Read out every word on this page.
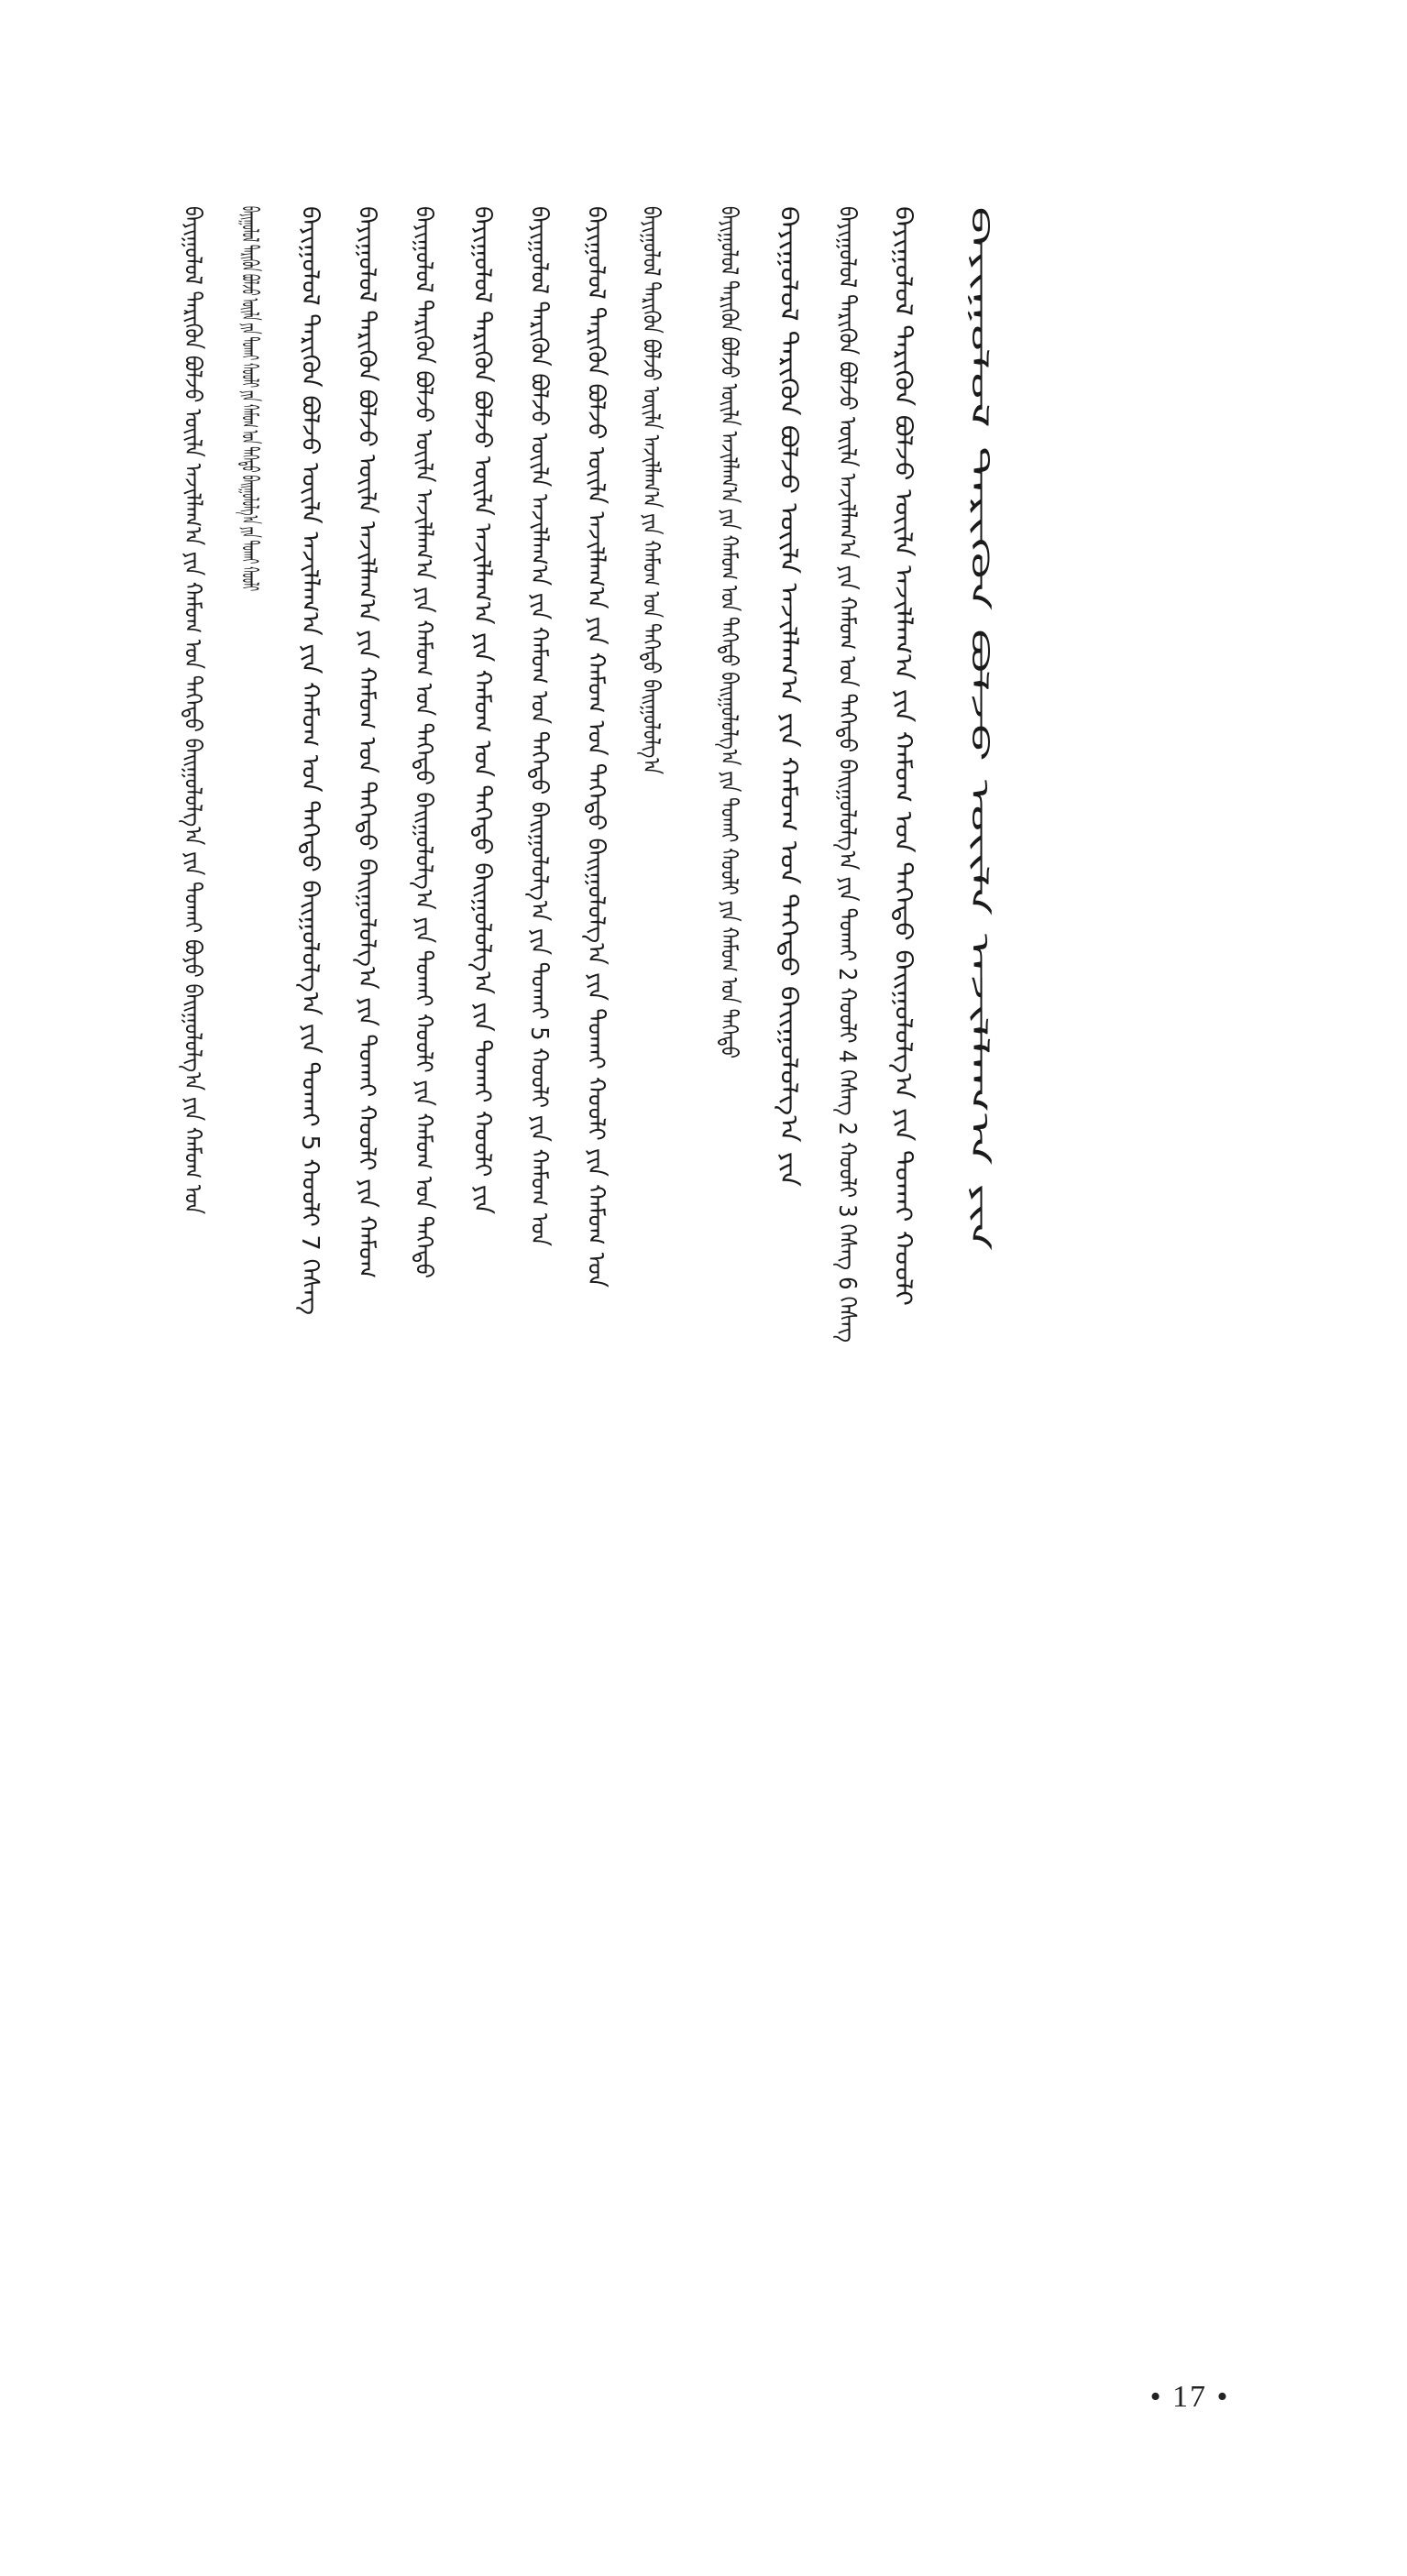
ᠪᠠᠶᠢᠭᠤᠯᠤᠯ ᠲᠡᠷᠢᠭᠦᠨ ᠪᠣᠯᠵᠤ ᠦᠢᠯᠡ ᠠᠵᠢᠯᠯᠠᠭ᠎ᠠ ᠶᠢᠨ ᠬᠠᠮᠤᠭ ᠤᠨ ᠳᠡᠭᠡᠳᠦ ᠪᠠᠢᠭᠤᠯᠤᠯᠭ᠎ᠠ ᠶᠢᠨ ᠲᠤᠬᠠᠢ ᠪᠤᠶᠤ ᠪᠠᠢᠭᠤᠯᠤᠯᠭ᠎ᠠ ᠶᠢᠨ ᠬᠠᠮᠤᠭ ᠤᠨ ᠪᠠᠶᠢᠭᠤᠯᠤᠯ ᠲᠡᠷᠢᠭᠦᠨ ᠪᠣᠯᠵᠤ ᠦᠢᠯᠡ ᠶᠢᠨ ᠲᠤᠬᠠᠢ ᠬᠤᠤᠯᠢ ᠶᠢᠨ ᠬᠠᠮᠤᠭ ᠤᠨ ᠳᠡᠭᠡᠳᠦ ᠪᠠᠢᠭᠤᠯᠤᠯᠭ᠎ᠠ ᠶᠢᠨ ᠲᠤᠬᠠᠢ ᠬᠤᠤᠯᠢ ᠪᠠᠶᠢᠭᠤᠯᠤᠯ ᠲᠡᠷᠢᠭᠦᠨ ᠪᠣᠯᠵᠤ ᠦᠢᠯᠡ ᠠᠵᠢᠯᠯᠠᠭ᠎ᠠ ᠶᠢᠨ ᠬᠠᠮᠤᠭ ᠤᠨ ᠳᠡᠭᠡᠳᠦ ᠪᠠᠢᠭᠤᠯᠤᠯᠭ᠎ᠠ ᠶᠢᠨ ᠲᠤᠬᠠᠢ 5 ᠬᠤᠤᠯᠢ 7 ᠬᠡᠰᠡᠭ ᠪᠠᠶᠢᠭᠤᠯᠤᠯ ᠲᠡᠷᠢᠭᠦᠨ ᠪᠣᠯᠵᠤ ᠦᠢᠯᠡ ᠠᠵᠢᠯᠯᠠᠭ᠎ᠠ ᠶᠢᠨ ᠬᠠᠮᠤᠭ ᠤᠨ ᠳᠡᠭᠡᠳᠦ ᠪᠠᠢᠭᠤᠯᠤᠯᠭ᠎ᠠ ᠶᠢᠨ ᠲᠤᠬᠠᠢ ᠬᠤᠤᠯᠢ ᠶᠢᠨ ᠬᠠᠮᠤᠭ ᠪᠠᠶᠢᠭᠤᠯᠤᠯ ᠲᠡᠷᠢᠭᠦᠨ ᠪᠣᠯᠵᠤ ᠦᠢᠯᠡ ᠠᠵᠢᠯᠯᠠᠭ᠎ᠠ ᠶᠢᠨ ᠬᠠᠮᠤᠭ ᠤᠨ ᠳᠡᠭᠡᠳᠦ ᠪᠠᠢᠭᠤᠯᠤᠯᠭ᠎ᠠ ᠶᠢᠨ ᠲᠤᠬᠠᠢ ᠬᠤᠤᠯᠢ ᠶᠢᠨ ᠬᠠᠮᠤᠭ ᠤᠨ ᠳᠡᠭᠡᠳᠦ ᠪᠠᠶᠢᠭᠤᠯᠤᠯ ᠲᠡᠷᠢᠭᠦᠨ ᠪᠣᠯᠵᠤ ᠦᠢᠯᠡ ᠠᠵᠢᠯᠯᠠᠭ᠎ᠠ ᠶᠢᠨ ᠬᠠᠮᠤᠭ ᠤᠨ ᠳᠡᠭᠡᠳᠦ ᠪᠠᠢᠭᠤᠯᠤᠯᠭ᠎ᠠ ᠶᠢᠨ ᠲᠤᠬᠠᠢ ᠬᠤᠤᠯᠢ ᠶᠢᠨ ᠪᠠᠶᠢᠭᠤᠯᠤᠯ ᠲᠡᠷᠢᠭᠦᠨ ᠪᠣᠯᠵᠤ ᠦᠢᠯᠡ ᠠᠵᠢᠯᠯᠠᠭ᠎ᠠ ᠶᠢᠨ ᠬᠠᠮᠤᠭ ᠤᠨ ᠳᠡᠭᠡᠳᠦ ᠪᠠᠢᠭᠤᠯᠤᠯᠭ᠎ᠠ ᠶᠢᠨ ᠲᠤᠬᠠᠢ 5 ᠬᠤᠤᠯᠢ ᠶᠢᠨ ᠬᠠᠮᠤᠭ ᠤᠨ ᠪᠠᠶᠢᠭᠤᠯᠤᠯ ᠲᠡᠷᠢᠭᠦᠨ ᠪᠣᠯᠵᠤ ᠦᠢᠯᠡ ᠠᠵᠢᠯᠯᠠᠭ᠎ᠠ ᠶᠢᠨ ᠬᠠᠮᠤᠭ ᠤᠨ ᠳᠡᠭᠡᠳᠦ ᠪᠠᠢᠭᠤᠯᠤᠯᠭ᠎ᠠ ᠶᠢᠨ ᠲᠤᠬᠠᠢ ᠬᠤᠤᠯᠢ ᠶᠢᠨ ᠬᠠᠮᠤᠭ ᠤᠨ ᠪᠠᠶᠢᠭᠤᠯᠤᠯ ᠲᠡᠷᠢᠭᠦᠨ ᠪᠣᠯᠵᠤ ᠦᠢᠯᠡ ᠠᠵᠢᠯᠯᠠᠭ᠎ᠠ ᠶᠢᠨ ᠬᠠᠮᠤᠭ ᠤᠨ ᠳᠡᠭᠡᠳᠦ ᠪᠠᠢᠭᠤᠯᠤᠯᠭ᠎ᠠ ᠪᠠᠶᠢᠭᠤᠯᠤᠯ ᠲᠡᠷᠢᠭᠦᠨ ᠪᠣᠯᠵᠤ ᠦᠢᠯᠡ ᠠᠵᠢᠯᠯᠠᠭ᠎ᠠ ᠶᠢᠨ ᠬᠠᠮᠤᠭ ᠤᠨ ᠳᠡᠭᠡᠳᠦ ᠪᠠᠢᠭᠤᠯᠤᠯᠭ᠎ᠠ ᠶᠢᠨ ᠲᠤᠬᠠᠢ ᠬᠤᠤᠯᠢ ᠶᠢᠨ ᠬᠠᠮᠤᠭ ᠤᠨ ᠳᠡᠭᠡᠳᠦ ᠪᠠᠶᠢᠭᠤᠯᠤᠯ ᠲᠡᠷᠢᠭᠦᠨ ᠪᠣᠯᠵᠤ ᠦᠢᠯᠡ ᠠᠵᠢᠯᠯᠠᠭ᠎ᠠ ᠶᠢᠨ ᠬᠠᠮᠤᠭ ᠤᠨ ᠳᠡᠭᠡᠳᠦ ᠪᠠᠢᠭᠤᠯᠤᠯᠭ᠎ᠠ ᠶᠢᠨ ᠪᠠᠶᠢᠭᠤᠯᠤᠯ ᠲᠡᠷᠢᠭᠦᠨ ᠪᠣᠯᠵᠤ ᠦᠢᠯᠡ ᠠᠵᠢᠯᠯᠠᠭ᠎ᠠ ᠶᠢᠨ ᠬᠠᠮᠤᠭ ᠤᠨ ᠳᠡᠭᠡᠳᠦ ᠪᠠᠢᠭᠤᠯᠤᠯᠭ᠎ᠠ ᠶᠢᠨ ᠲᠤᠬᠠᠢ 2 ᠬᠤᠤᠯᠢ 4 ᠬᠡᠰᠡᠭ 2 ᠬᠤᠤᠯᠢ 3 ᠬᠡᠰᠡᠭ 6 ᠬᠡᠰᠡᠭ ᠪᠠᠶᠢᠭᠤᠯᠤᠯ ᠲᠡᠷᠢᠭᠦᠨ ᠪᠣᠯᠵᠤ ᠦᠢᠯᠡ ᠠᠵᠢᠯᠯᠠᠭ᠎ᠠ ᠶᠢᠨ ᠬᠠᠮᠤᠭ ᠤᠨ ᠳᠡᠭᠡᠳᠦ ᠪᠠᠢᠭᠤᠯᠤᠯᠭ᠎ᠠ ᠶᠢᠨ ᠲᠤᠬᠠᠢ ᠬᠤᠤᠯᠢ ᠪᠠᠶᠢᠭᠤᠯᠤᠯ ᠲᠡᠷᠢᠭᠦᠨ ᠪᠣᠯᠵᠤ ᠦᠢᠯᠡ ᠠᠵᠢᠯᠯᠠᠭ᠎ᠠ ᠶᠢᠨ
• 17 •
